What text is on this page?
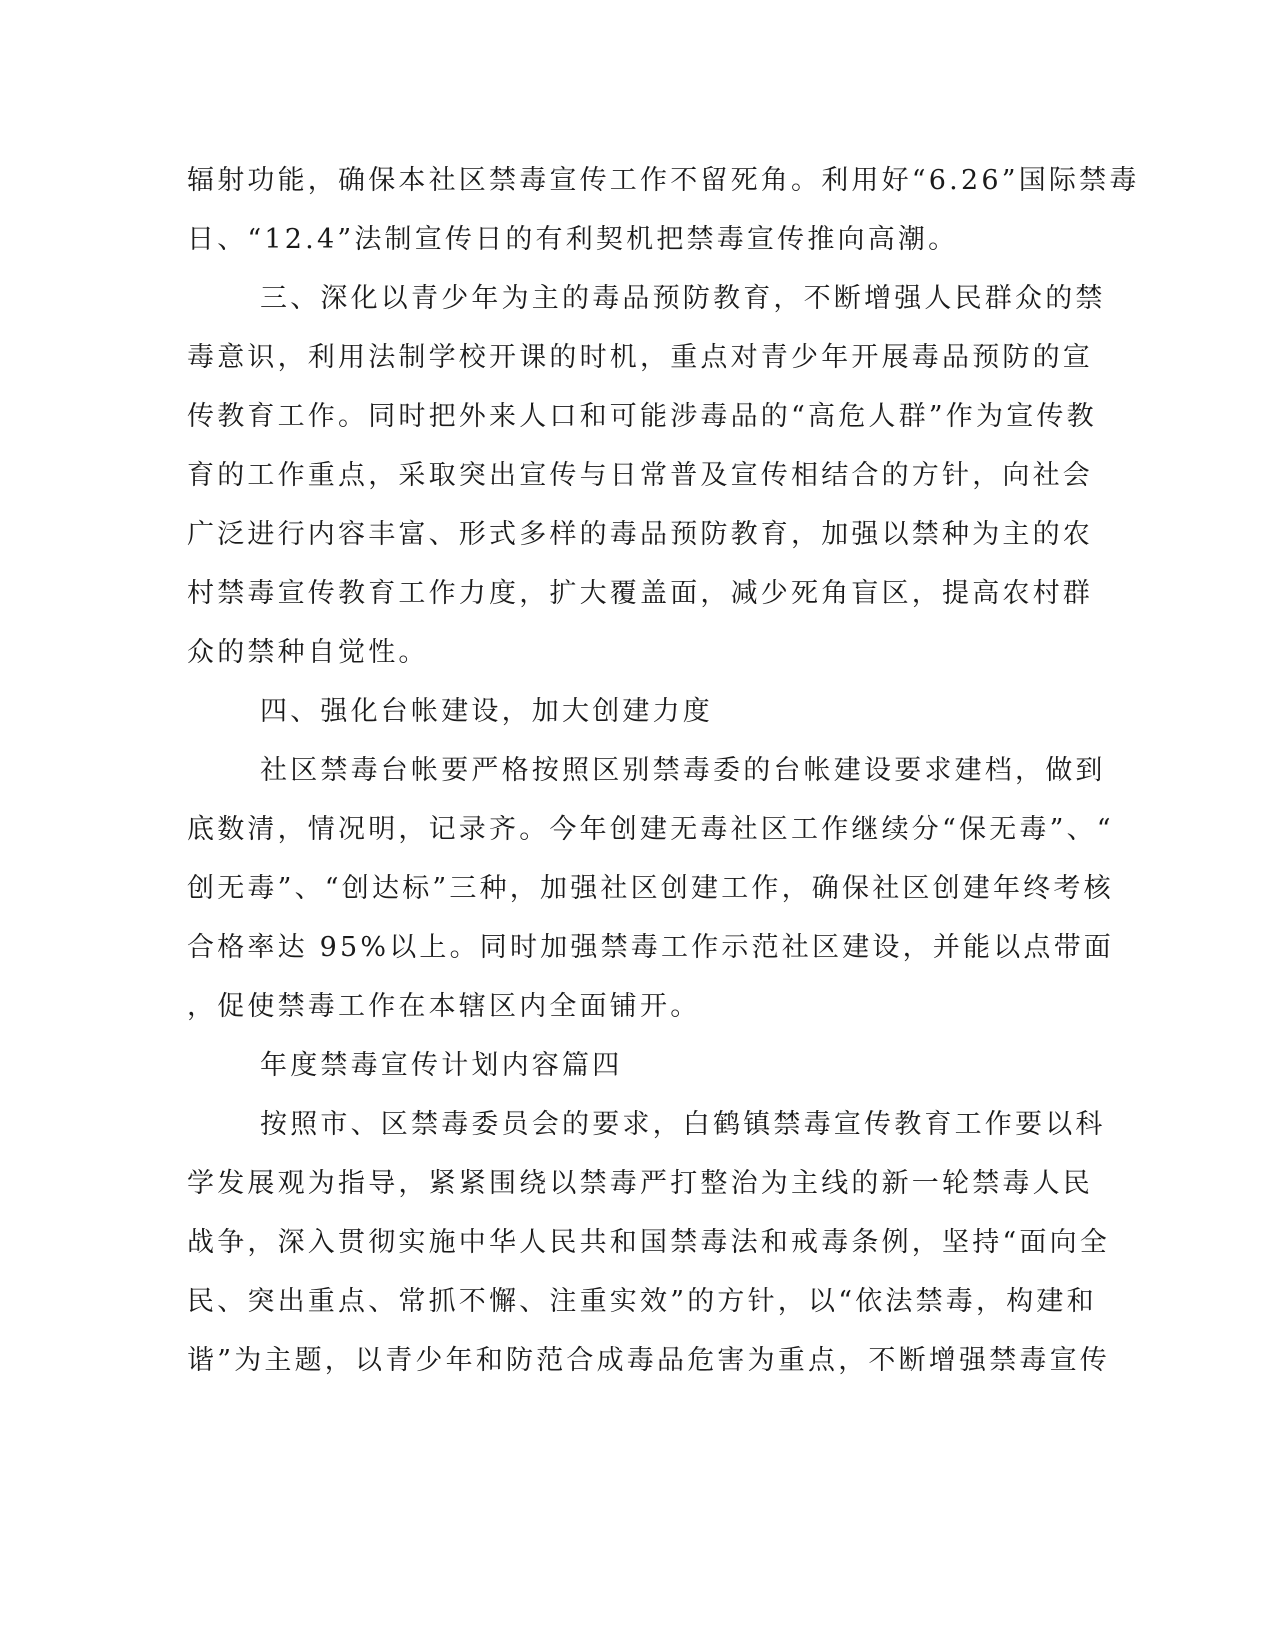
辐射功能，确保本社区禁毒宣传工作不留死角。利用好“6.26”国际禁毒
日、“12.4”法制宣传日的有利契机把禁毒宣传推向高潮。
三、深化以青少年为主的毒品预防教育，不断增强人民群众的禁
毒意识，利用法制学校开课的时机，重点对青少年开展毒品预防的宣
传教育工作。同时把外来人口和可能涉毒品的“高危人群”作为宣传教
育的工作重点，采取突出宣传与日常普及宣传相结合的方针，向社会
广泛进行内容丰富、形式多样的毒品预防教育，加强以禁种为主的农
村禁毒宣传教育工作力度，扩大覆盖面，减少死角盲区，提高农村群
众的禁种自觉性。
四、强化台帐建设，加大创建力度
社区禁毒台帐要严格按照区别禁毒委的台帐建设要求建档，做到
底数清，情况明，记录齐。今年创建无毒社区工作继续分“保无毒”、“
创无毒”、“创达标”三种，加强社区创建工作，确保社区创建年终考核
合格率达 95%以上。同时加强禁毒工作示范社区建设，并能以点带面
，促使禁毒工作在本辖区内全面铺开。
年度禁毒宣传计划内容篇四
按照市、区禁毒委员会的要求，白鹤镇禁毒宣传教育工作要以科
学发展观为指导，紧紧围绕以禁毒严打整治为主线的新一轮禁毒人民
战争，深入贯彻实施中华人民共和国禁毒法和戒毒条例，坚持“面向全
民、突出重点、常抓不懈、注重实效”的方针，以“依法禁毒，构建和
谐”为主题，以青少年和防范合成毒品危害为重点，不断增强禁毒宣传
